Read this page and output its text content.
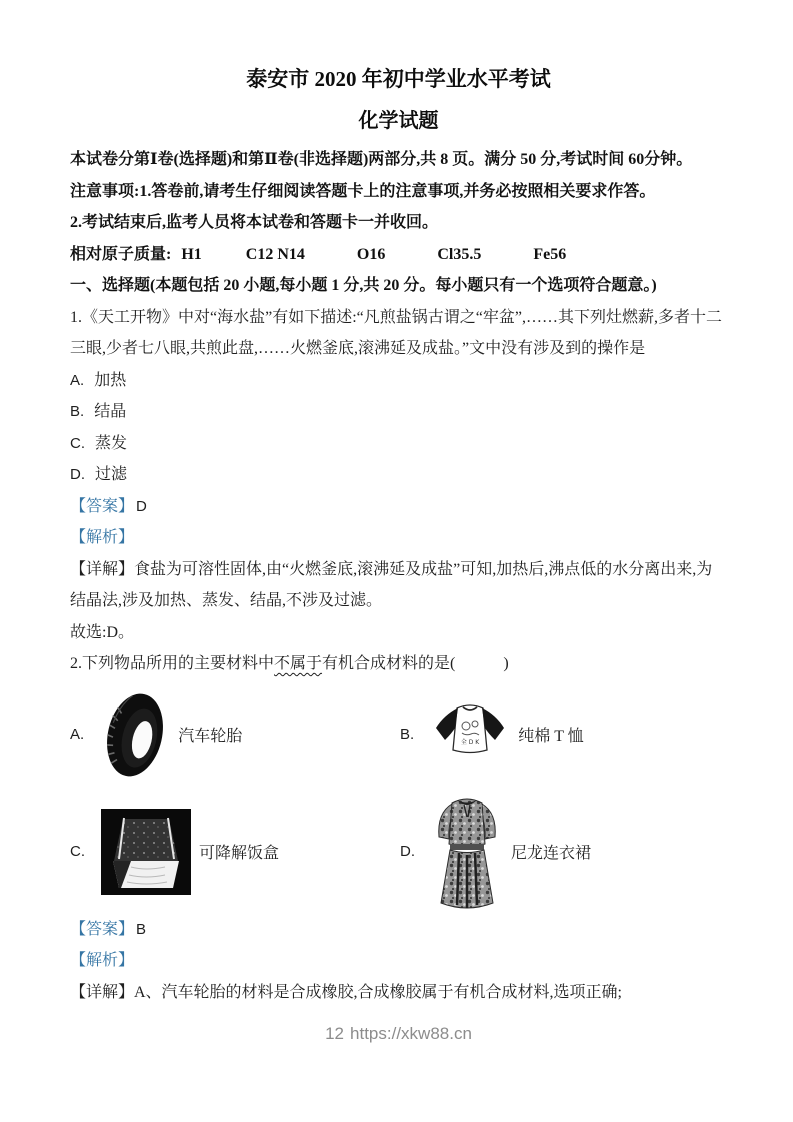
泰安市 2020 年初中学业水平考试
化学试题

本试卷分第Ⅰ卷(选择题)和第Ⅱ卷(非选择题)两部分,共 8 页。满分 50 分,考试时间 60分钟。

注意事项:1.答卷前,请考生仔细阅读答题卡上的注意事项,并务必按照相关要求作答。

2.考试结束后,监考人员将本试卷和答题卡一并收回。

相对原子质量: H1	C12 N14	O16	Cl35.5	Fe56

一、选择题(本题包括 20 小题,每小题 1 分,共 20 分。每小题只有一个选项符合题意。)

1.《天工开物》中对“海水盐”有如下描述:“凡煎盐锅古谓之“牢盆”,……其下列灶燃薪,多者十二三眼,少者七八眼,共煎此盘,……火燃釜底,滚沸延及成盐。”文中没有涉及到的操作是

A. 加热

B. 结晶

C. 蒸发

D. 过滤

【答案】 D

【解析】

【详解】食盐为可溶性固体,由“火燃釜底,滚沸延及成盐”可知,加热后,沸点低的水分离出来,为结晶法,涉及加热、蒸发、结晶,不涉及过滤。

故选:D。

2.下列物品所用的主要材料中不属于有机合成材料的是(　　　)

A.	汽车轮胎	B.	全 D K 纯棉 T 恤
C.	可降解饭盒	D.	尼龙连衣裙

【答案】 B

【解析】

【详解】A、汽车轮胎的材料是合成橡胶,合成橡胶属于有机合成材料,选项正确;

12 https://xkw88.cn
